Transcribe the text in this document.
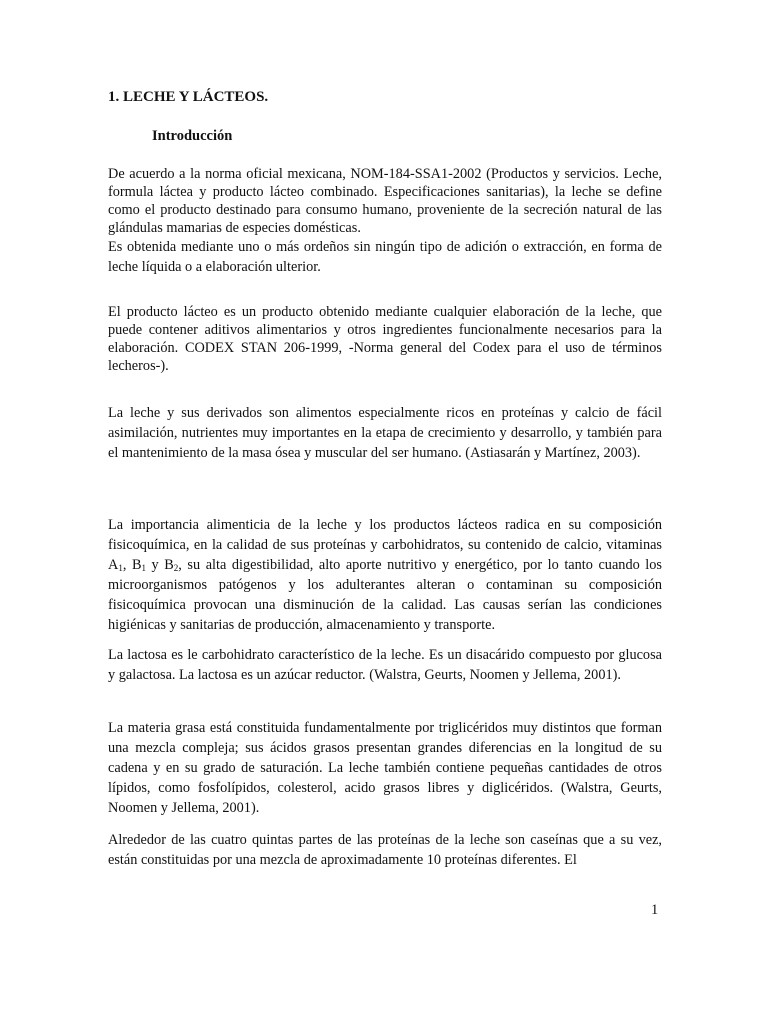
1. LECHE Y LÁCTEOS.
Introducción

De acuerdo a la norma oficial mexicana, NOM-184-SSA1-2002 (Productos y servicios. Leche, formula láctea y producto lácteo combinado. Especificaciones sanitarias), la leche se define como el producto destinado para consumo humano, proveniente de la secreción natural de las glándulas mamarias de especies domésticas.

Es obtenida mediante uno o más ordeños sin ningún tipo de adición o extracción, en forma de leche líquida o a elaboración ulterior.

El producto lácteo es un producto obtenido mediante cualquier elaboración de la leche, que puede contener aditivos alimentarios y otros ingredientes funcionalmente necesarios para la elaboración. CODEX STAN 206-1999, -Norma general del Codex para el uso de términos lecheros-).

La leche y sus derivados son alimentos especialmente ricos en proteínas y calcio de fácil asimilación, nutrientes muy importantes en la etapa de crecimiento y desarrollo, y también para el mantenimiento de la masa ósea y muscular del ser humano. (Astiasarán y Martínez, 2003).

La importancia alimenticia de la leche y los productos lácteos radica en su composición fisicoquímica, en la calidad de sus proteínas y carbohidratos, su contenido de calcio, vitaminas $A_1$, $B_1$ y $B_2$, su alta digestibilidad, alto aporte nutritivo y energético, por lo tanto cuando los microorganismos patógenos y los adulterantes alteran o contaminan su composición fisicoquímica provocan una disminución de la calidad. Las causas serían las condiciones higiénicas y sanitarias de producción, almacenamiento y transporte.

La lactosa es le carbohidrato característico de la leche. Es un disacárido compuesto por glucosa y galactosa. La lactosa es un azúcar reductor. (Walstra, Geurts, Noomen y Jellema, 2001).

La materia grasa está constituida fundamentalmente por triglicéridos muy distintos que forman una mezcla compleja; sus ácidos grasos presentan grandes diferencias en la longitud de su cadena y en su grado de saturación. La leche también contiene pequeñas cantidades de otros lípidos, como fosfolípidos, colesterol, acido grasos libres y diglicéridos. (Walstra, Geurts, Noomen y Jellema, 2001).

Alrededor de las cuatro quintas partes de las proteínas de la leche son caseínas que a su vez, están constituidas por una mezcla de aproximadamente 10 proteínas diferentes. El

1
